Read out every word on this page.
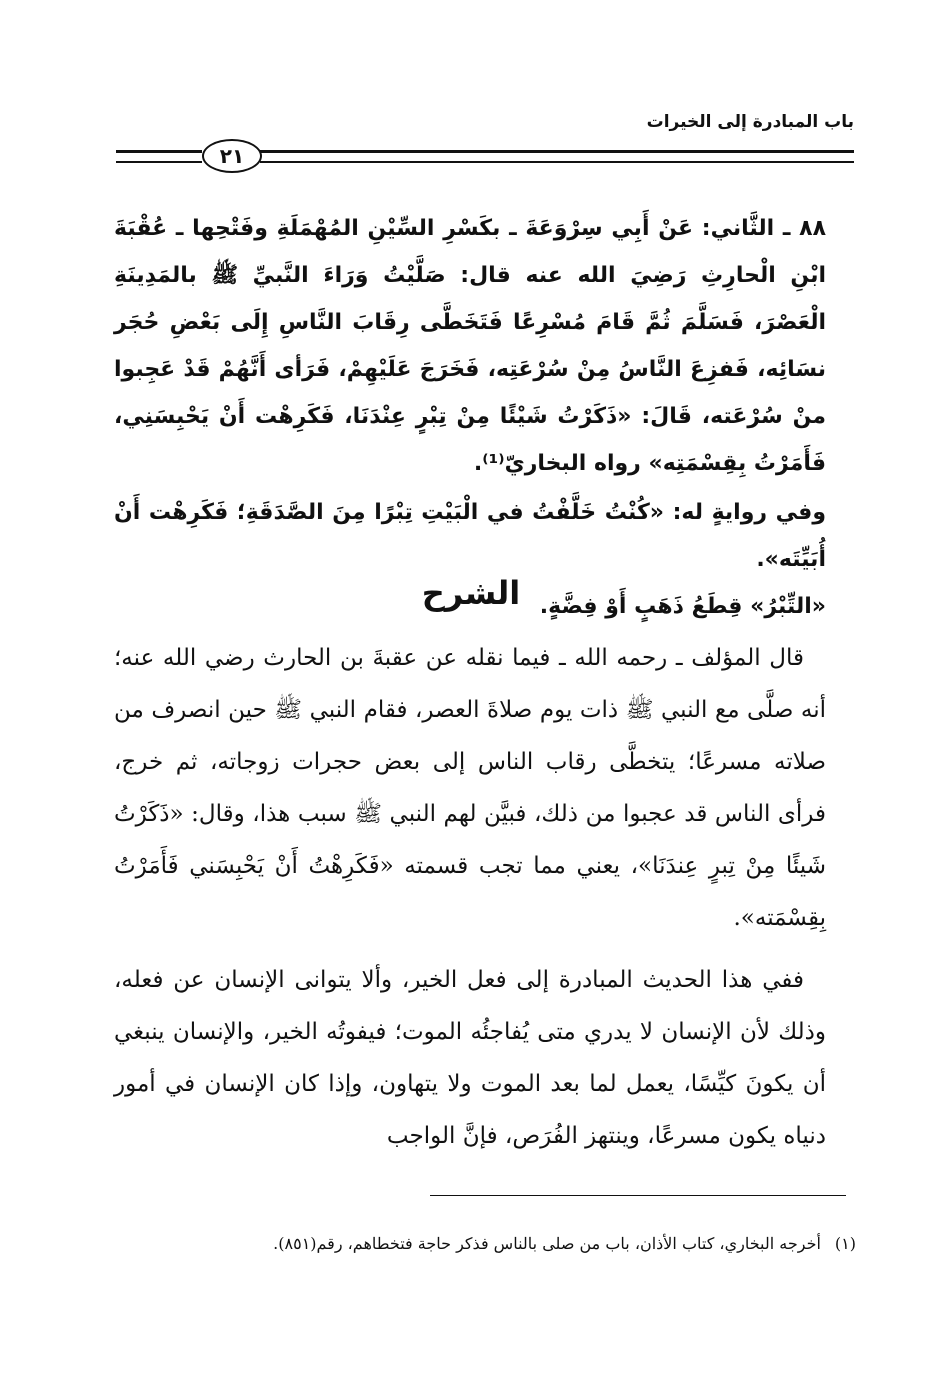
باب المبادرة إلى الخيرات
٢١

٨٨ ـ الثَّاني: عَنْ أَبِي سِرْوَعَةَ ـ بكَسْرِ السِّيْنِ المُهْمَلَةِ وفَتْحِها ـ عُقْبَةَ ابْنِ الْحارِثِ رَضِيَ الله عنه قال: صَلَّيْتُ وَرَاءَ النَّبيِّ ﷺ بالمَدِينَةِ الْعَصْرَ، فَسَلَّمَ ثُمَّ قَامَ مُسْرِعًا فَتَخَطَّى رِقَابَ النَّاسِ إِلَى بَعْضِ حُجَر نسَائِه، فَفزِعَ النَّاسُ مِنْ سُرْعَتِه، فَخَرَجَ عَلَيْهِمْ، فَرَأى أَنَّهُمْ قَدْ عَجِبوا منْ سُرْعَته، قَالَ: «ذَكَرْتُ شَيْئًا مِنْ تِبْرٍ عِنْدَنَا، فَكَرِهْت أَنْ يَحْبِسَنِي، فَأَمَرْتُ بِقِسْمَتِه» رواه البخاريّ⁽¹⁾.

وفي روايةٍ له: «كُنْتُ خَلَّفْتُ في الْبَيْتِ تِبْرًا مِنَ الصَّدَقَةِ؛ فَكَرِهْت أَنْ أُبَيِّتَه».

«التِّبْرُ» قِطَعُ ذَهَبٍ أَوْ فِضَّةٍ.

الشرح

قال المؤلف ـ رحمه الله ـ فيما نقله عن عقبةَ بن الحارث رضي الله عنه؛ أنه صلَّى مع النبي ﷺ ذات يوم صلاةَ العصر، فقام النبي ﷺ حين انصرف من صلاته مسرعًا؛ يتخطَّى رقاب الناس إلى بعض حجرات زوجاته، ثم خرج، فرأى الناس قد عجبوا من ذلك، فبيَّن لهم النبي ﷺ سبب هذا، وقال: «ذَكَرْتُ شَيئًا مِنْ تِبرٍ عِندَنَا»، يعني مما تجب قسمته «فَكَرِهْتُ أَنْ يَحْبِسَني فَأَمَرْتُ بِقِسْمَته».

ففي هذا الحديث المبادرة إلى فعل الخير، وألا يتوانى الإنسان عن فعله، وذلك لأن الإنسان لا يدري متى يُفاجئُه الموت؛ فيفوتُه الخير، والإنسان ينبغي أن يكونَ كيِّسًا، يعمل لما بعد الموت ولا يتهاون، وإذا كان الإنسان في أمور دنياه يكون مسرعًا، وينتهز الفُرَص، فإنَّ الواجب

(١)أخرجه البخاري، كتاب الأذان، باب من صلى بالناس فذكر حاجة فتخطاهم، رقم(٨٥١).
